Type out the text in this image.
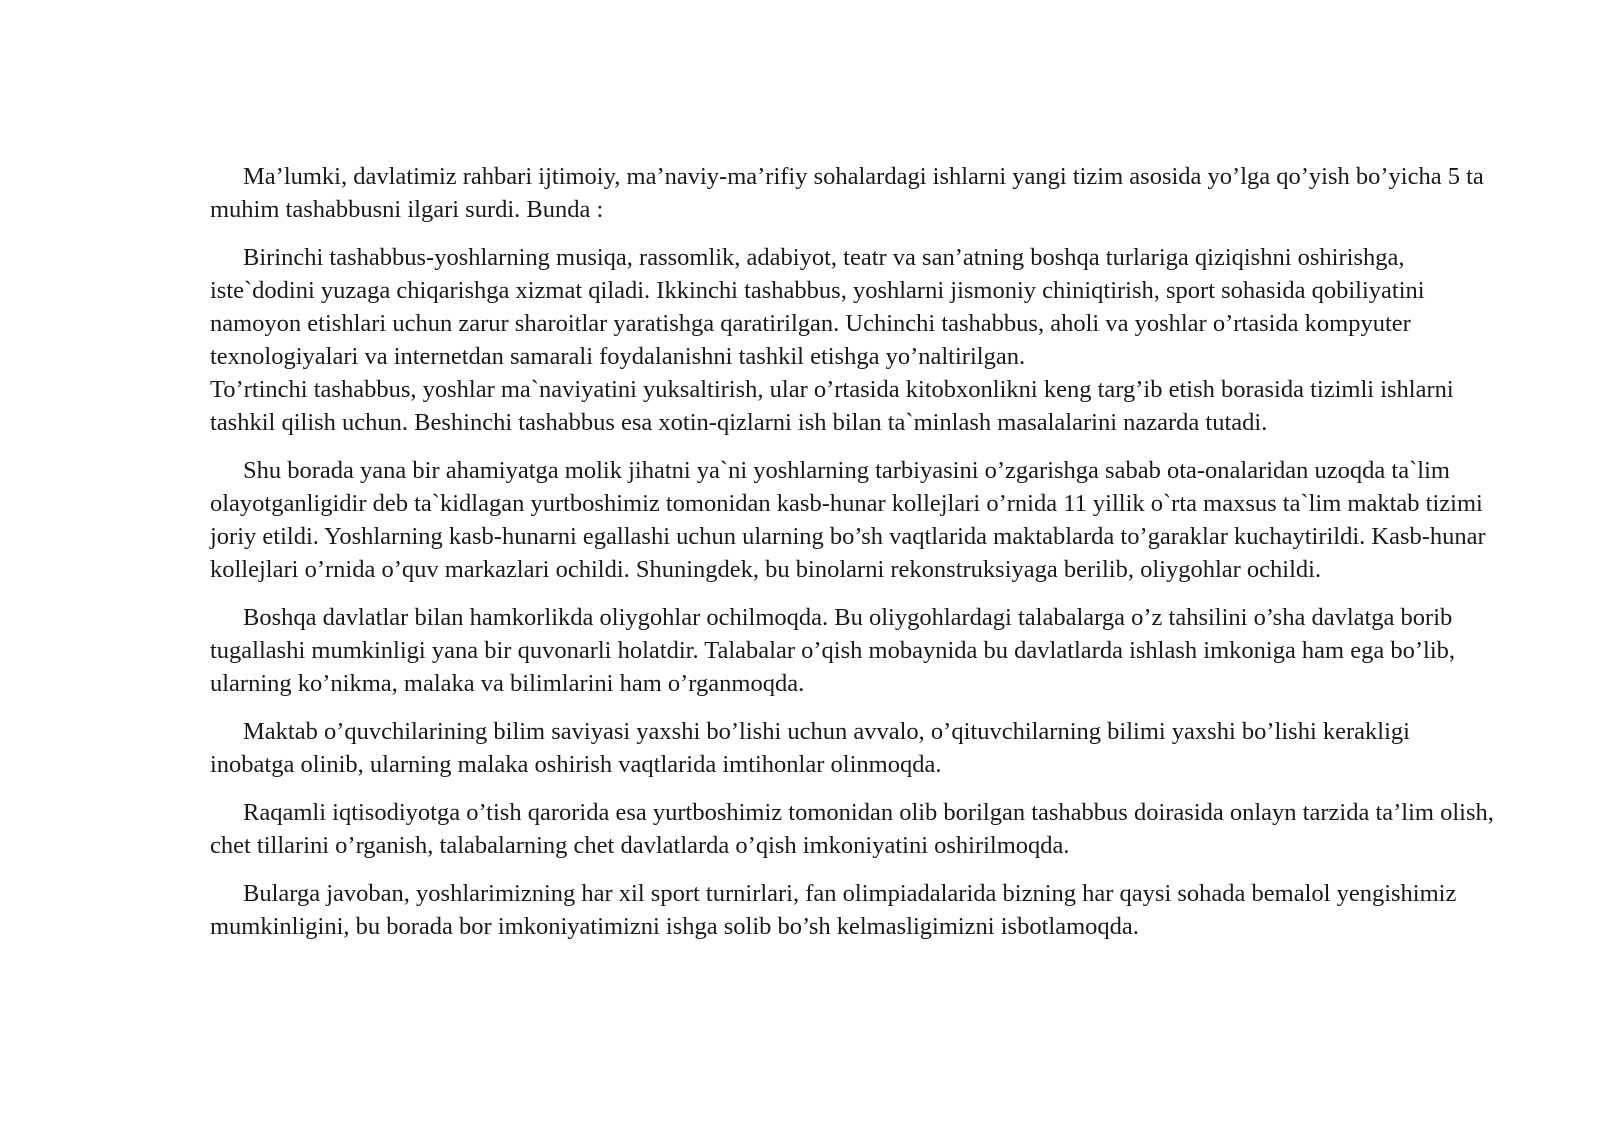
Ma’lumki, davlatimiz rahbari ijtimoiy, ma’naviy-ma’rifiy sohalardagi ishlarni yangi tizim asosida yo’lga qo’yish bo’yicha 5 ta muhim tashabbusni ilgari surdi. Bunda :

Birinchi tashabbus-yoshlarning musiqa, rassomlik, adabiyot, teatr va san’atning boshqa turlariga qiziqishni oshirishga, iste`dodini yuzaga chiqarishga xizmat qiladi. Ikkinchi tashabbus, yoshlarni jismoniy chiniqtirish, sport sohasida qobiliyatini namoyon etishlari uchun zarur sharoitlar yaratishga qaratirilgan. Uchinchi tashabbus, aholi va yoshlar o’rtasida kompyuter texnologiyalari va internetdan samarali foydalanishni tashkil etishga yo’naltirilgan.
To’rtinchi tashabbus, yoshlar ma`naviyatini yuksaltirish, ular o’rtasida kitobxonlikni keng targ’ib etish borasida tizimli ishlarni tashkil qilish uchun. Beshinchi tashabbus esa xotin-qizlarni ish bilan ta`minlash masalalarini nazarda tutadi.

Shu borada yana bir ahamiyatga molik jihatni ya`ni yoshlarning tarbiyasini o’zgarishga sabab ota-onalaridan uzoqda ta`lim olayotganligidir deb ta`kidlagan yurtboshimiz tomonidan kasb-hunar kollejlari o’rnida 11 yillik o`rta maxsus ta`lim maktab tizimi joriy etildi. Yoshlarning kasb-hunarni egallashi uchun ularning bo’sh vaqtlarida maktablarda to’garaklar kuchaytirildi. Kasb-hunar kollejlari o’rnida o’quv markazlari ochildi. Shuningdek, bu binolarni rekonstruksiyaga berilib, oliygohlar ochildi.

Boshqa davlatlar bilan hamkorlikda oliygohlar ochilmoqda. Bu oliygohlardagi talabalarga o’z tahsilini o’sha davlatga borib tugallashi mumkinligi yana bir quvonarli holatdir. Talabalar o’qish mobaynida bu davlatlarda ishlash imkoniga ham ega bo’lib, ularning ko’nikma, malaka va bilimlarini ham o’rganmoqda.

Maktab o’quvchilarining bilim saviyasi yaxshi bo’lishi uchun avvalo, o’qituvchilarning bilimi yaxshi bo’lishi kerakligi inobatga olinib, ularning malaka oshirish vaqtlarida imtihonlar olinmoqda.

Raqamli iqtisodiyotga o’tish qarorida esa yurtboshimiz tomonidan olib borilgan tashabbus doirasida onlayn tarzida ta’lim olish, chet tillarini o’rganish, talabalarning chet davlatlarda o’qish imkoniyatini oshirilmoqda.

Bularga javoban, yoshlarimizning har xil sport turnirlari, fan olimpiadalarida bizning har qaysi sohada bemalol yengishimiz mumkinligini, bu borada bor imkoniyatimizni ishga solib bo’sh kelmasligimizni isbotlamoqda.
